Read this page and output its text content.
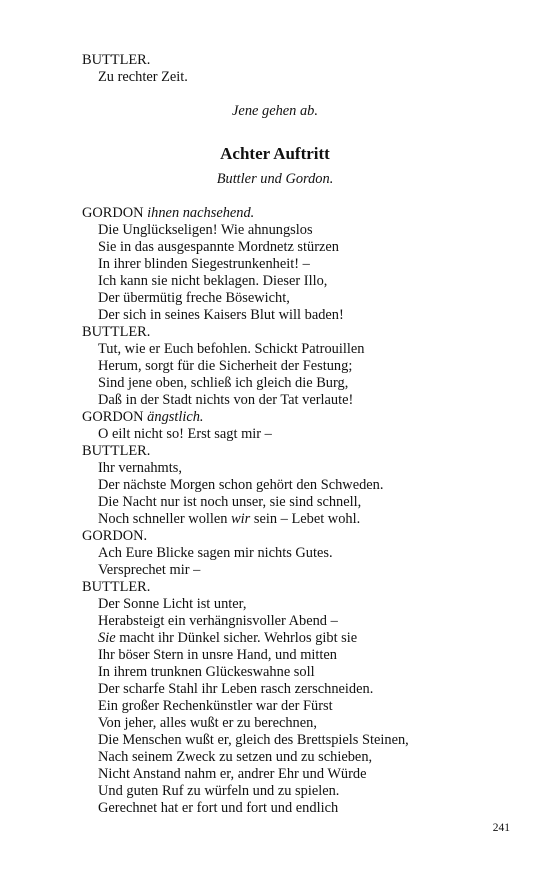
BUTTLER.
Zu rechter Zeit.
Jene gehen ab.
Achter Auftritt
Buttler und Gordon.
GORDON ihnen nachsehend.
Die Unglückseligen! Wie ahnungslos
Sie in das ausgespannte Mordnetz stürzen
In ihrer blinden Siegestrunkenheit! –
Ich kann sie nicht beklagen. Dieser Illo,
Der übermütig freche Bösewicht,
Der sich in seines Kaisers Blut will baden!
BUTTLER.
Tut, wie er Euch befohlen. Schickt Patrouillen
Herum, sorgt für die Sicherheit der Festung;
Sind jene oben, schließ ich gleich die Burg,
Daß in der Stadt nichts von der Tat verlaute!
GORDON ängstlich.
O eilt nicht so! Erst sagt mir –
BUTTLER.
Ihr vernahmts,
Der nächste Morgen schon gehört den Schweden.
Die Nacht nur ist noch unser, sie sind schnell,
Noch schneller wollen wir sein – Lebet wohl.
GORDON.
Ach Eure Blicke sagen mir nichts Gutes.
Versprechet mir –
BUTTLER.
Der Sonne Licht ist unter,
Herabsteigt ein verhängnisvoller Abend –
Sie macht ihr Dünkel sicher. Wehrlos gibt sie
Ihr böser Stern in unsre Hand, und mitten
In ihrem trunknen Glückeswahne soll
Der scharfe Stahl ihr Leben rasch zerschneiden.
Ein großer Rechenkünstler war der Fürst
Von jeher, alles wußt er zu berechnen,
Die Menschen wußt er, gleich des Brettspiels Steinen,
Nach seinem Zweck zu setzen und zu schieben,
Nicht Anstand nahm er, andrer Ehr und Würde
Und guten Ruf zu würfeln und zu spielen.
Gerechnet hat er fort und fort und endlich
241
